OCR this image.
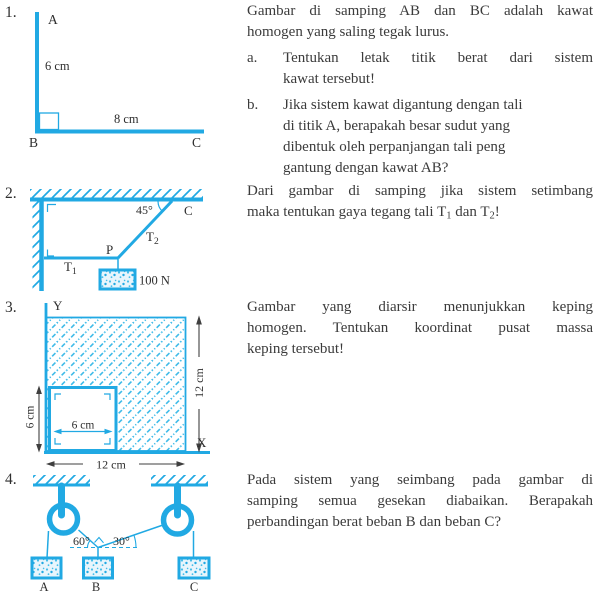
1.
2.
3.
4.
A
6 cm
8 cm
B	C
45° C
$T_2$
P
$T_1$
100 N
Y
X
12 cm
6 cm	6 cm
12 cm
60° 30°
A	B	C
Gambar di samping AB dan BC adalah kawat
homogen yang saling tegak lurus.
a.	Tentukan letak titik berat dari sistem
kawat tersebut!
b.	Jika sistem kawat digantung dengan tali
di titik A, berapakah besar sudut yang
dibentuk oleh perpanjangan tali peng
gantung dengan kawat AB?
Dari gambar di samping jika sistem setimbang
maka tentukan gaya tegang tali T1 dan T2!
Gambar yang diarsir menunjukkan keping
homogen. Tentukan koordinat pusat massa
keping tersebut!
Pada sistem yang seimbang pada gambar di
samping semua gesekan diabaikan. Berapakah
perbandingan berat beban B dan beban C?
